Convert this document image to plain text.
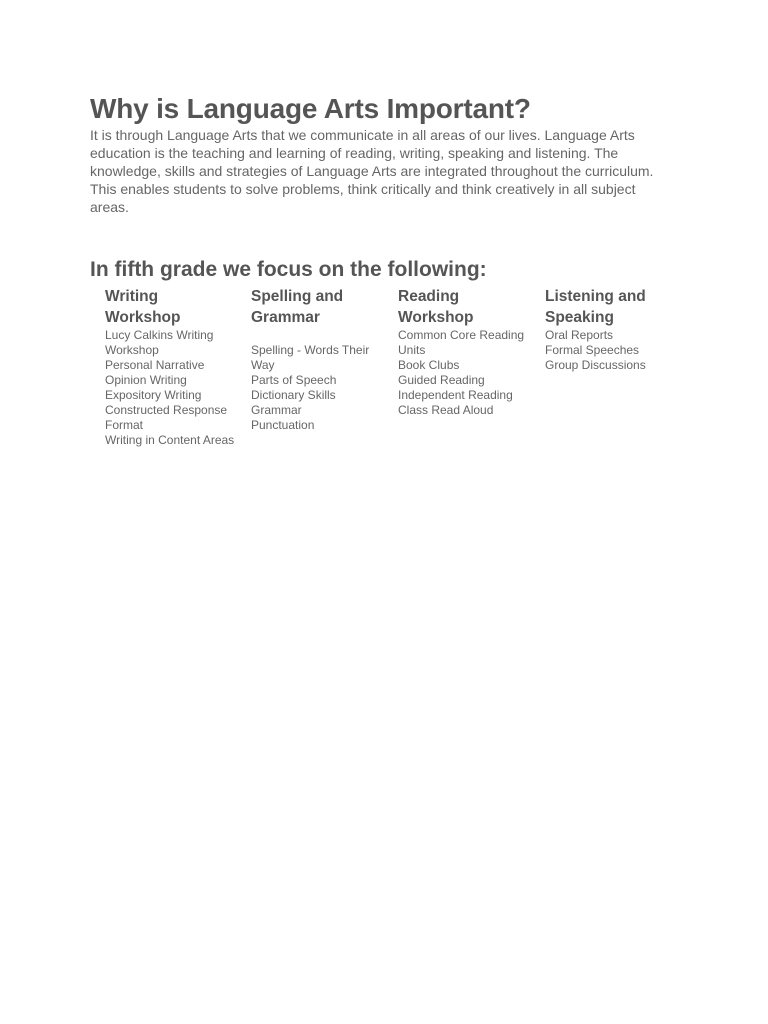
Why is Language Arts Important?

It is through Language Arts that we communicate in all areas of our lives. Language Arts education is the teaching and learning of reading, writing, speaking and listening. The knowledge, skills and strategies of Language Arts are integrated throughout the curriculum. This enables students to solve problems, think critically and think creatively in all subject areas.

In fifth grade we focus on the following:
Writing Workshop
Lucy Calkins Writing Workshop
Personal Narrative
Opinion Writing
Expository Writing
Constructed Response Format
Writing in Content Areas
Spelling and Grammar
Spelling - Words Their Way
Parts of Speech
Dictionary Skills
Grammar
Punctuation
Reading Workshop
Common Core Reading Units
Book Clubs
Guided Reading
Independent Reading
Class Read Aloud
Listening and Speaking
Oral Reports
Formal Speeches
Group Discussions
